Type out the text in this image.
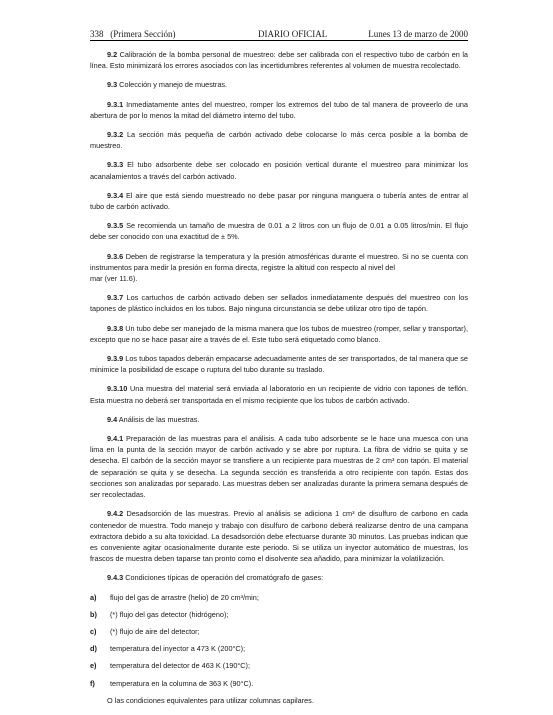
338 (Primera Sección)	DIARIO OFICIAL	Lunes 13 de marzo de 2000

9.2 Calibración de la bomba personal de muestreo: debe ser calibrada con el respectivo tubo de carbón en la línea. Esto minimizará los errores asociados con las incertidumbres referentes al volumen de muestra recolectado.

9.3 Colección y manejo de muestras.

9.3.1 Inmediatamente antes del muestreo, romper los extremos del tubo de tal manera de proveerlo de una abertura de por lo menos la mitad del diámetro interno del tubo.

9.3.2 La sección más pequeña de carbón activado debe colocarse lo más cerca posible a la bomba de muestreo.

9.3.3 El tubo adsorbente debe ser colocado en posición vertical durante el muestreo para minimizar los acanalamientos a través del carbón activado.

9.3.4 El aire que está siendo muestreado no debe pasar por ninguna manguera o tubería antes de entrar al tubo de carbón activado.

9.3.5 Se recomienda un tamaño de muestra de 0.01 a 2 litros con un flujo de 0.01 a 0.05 litros/min. El flujo debe ser conocido con una exactitud de ± 5%.

9.3.6 Deben de registrarse la temperatura y la presión atmosféricas durante el muestreo. Si no se cuenta con instrumentos para medir la presión en forma directa, registre la altitud con respecto al nivel del
mar (ver 11.6).

9.3.7 Los cartuchos de carbón activado deben ser sellados inmediatamente después del muestreo con los tapones de plástico incluidos en los tubos. Bajo ninguna circunstancia se debe utilizar otro tipo de tapón.

9.3.8 Un tubo debe ser manejado de la misma manera que los tubos de muestreo (romper, sellar y transportar), excepto que no se hace pasar aire a través de el. Este tubo será etiquetado como blanco.

9.3.9 Los tubos tapados deberán empacarse adecuadamente antes de ser transportados, de tal manera que se minimice la posibilidad de escape o ruptura del tubo durante su traslado.

9.3.10 Una muestra del material será enviada al laboratorio en un recipiente de vidrio con tapones de teflón. Esta muestra no deberá ser transportada en el mismo recipiente que los tubos de carbón activado.

9.4 Análisis de las muestras.

9.4.1 Preparación de las muestras para el análisis. A cada tubo adsorbente se le hace una muesca con una lima en la punta de la sección mayor de carbón activado y se abre por ruptura. La fibra de vidrio se quita y se desecha. El carbón de la sección mayor se transfiere a un recipiente para muestras de 2 cm³ con tapón. El material de separación se quita y se desecha. La segunda sección es transferida a otro recipiente con tapón. Estas dos secciones son analizadas por separado. Las muestras deben ser analizadas durante la primera semana después de ser recolectadas.

9.4.2 Desadsorción de las muestras. Previo al análisis se adiciona 1 cm³ de disulfuro de carbono en cada contenedor de muestra. Todo manejo y trabajo con disulfuro de carbono deberá realizarse dentro de una campana extractora debido a su alta toxicidad. La desadsorción debe efectuarse durante 30 minutos. Las pruebas indican que es conveniente agitar ocasionalmente durante este periodo. Si se utiliza un inyector automático de muestras, los frascos de muestra deben taparse tan pronto como el disolvente sea añadido, para minimizar la volatilización.

9.4.3 Condiciones típicas de operación del cromatógrafo de gases:

a)	flujo del gas de arrastre (helio) de 20 cm³/min;
b)	(*) flujo del gas detector (hidrógeno);
c)	(*) flujo de aire del detector;
d)	temperatura del inyector a 473 K (200°C);
e)	temperatura del detector de 463 K (190°C);
f)	temperatura en la columna de 363 K (90°C).

O las condiciones equivalentes para utilizar columnas capilares.
